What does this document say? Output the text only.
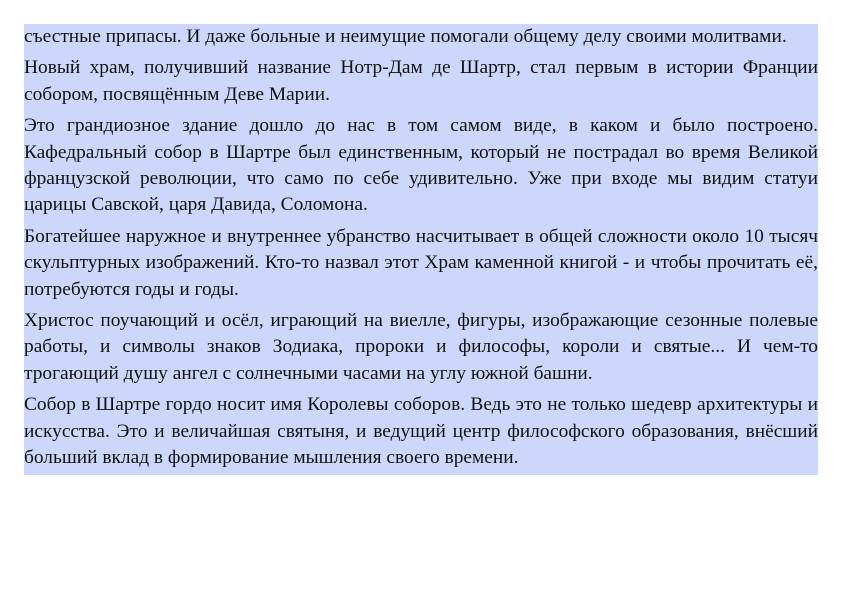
съестные припасы. И даже больные и неимущие помогали общему делу своими молитвами.

Новый храм, получивший название Нотр-Дам де Шартр, стал первым в истории Франции собором, посвящённым Деве Марии.

Это грандиозное здание дошло до нас в том самом виде, в каком и было построено. Кафедральный собор в Шартре был единственным, который не пострадал во время Великой французской революции, что само по себе удивительно. Уже при входе мы видим статуи царицы Савской, царя Давида, Соломона.

Богатейшее наружное и внутреннее убранство насчитывает в общей сложности около 10 тысяч скульптурных изображений. Кто-то назвал этот Храм каменной книгой - и чтобы прочитать её, потребуются годы и годы.

Христос поучающий и осёл, играющий на виелле, фигуры, изображающие сезонные полевые работы, и символы знаков Зодиака, пророки и философы, короли и святые... И чем-то трогающий душу ангел с солнечными часами на углу южной башни.

Собор в Шартре гордо носит имя Королевы соборов. Ведь это не только шедевр архитектуры и искусства. Это и величайшая святыня, и ведущий центр философского образования, внёсший больший вклад в формирование мышления своего времени.
